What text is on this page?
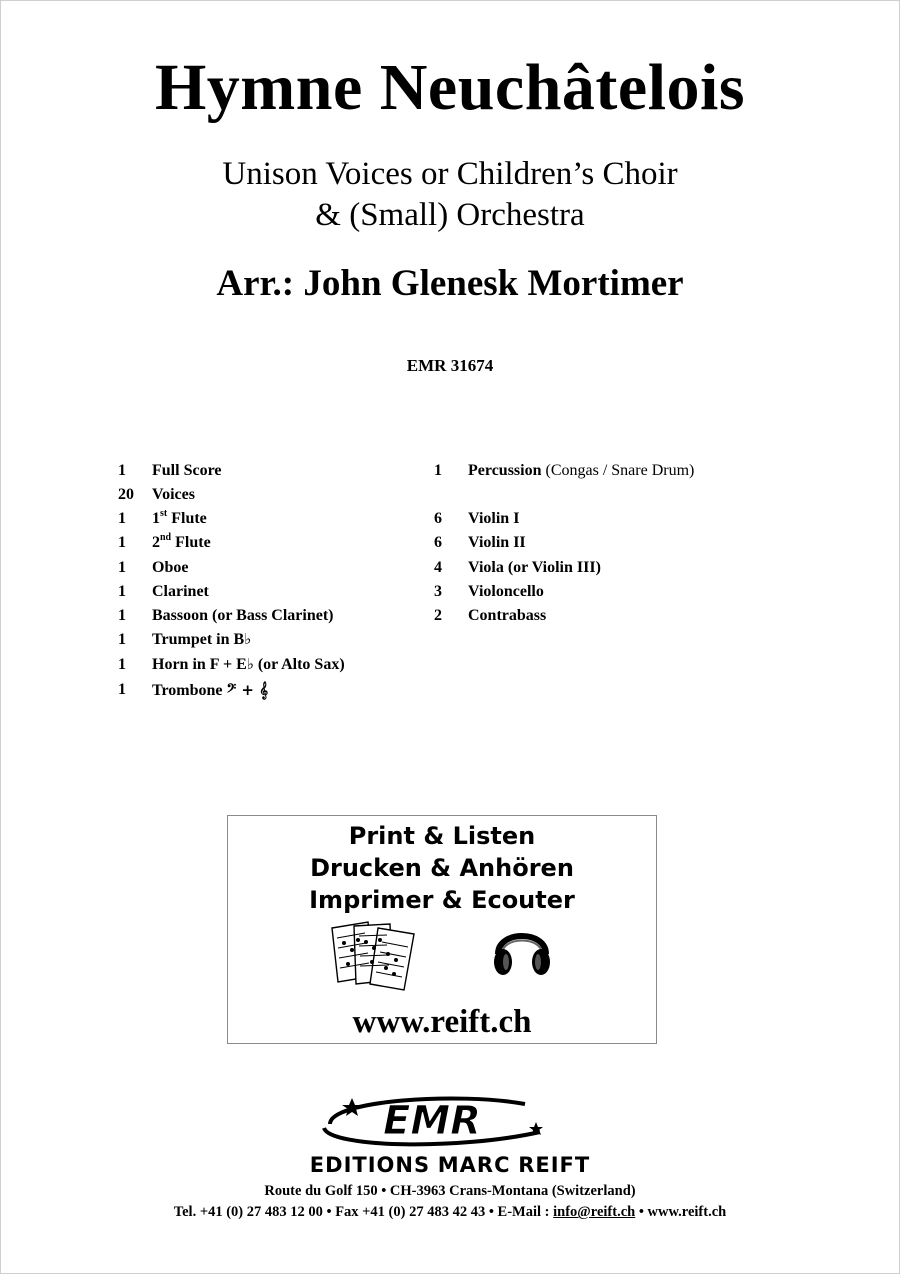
Hymne Neuchâtelois
Unison Voices or Children’s Choir
& (Small) Orchestra
Arr.: John Glenesk Mortimer
EMR 31674
1 Full Score
20 Voices
1 1st Flute
1 2nd Flute
1 Oboe
1 Clarinet
1 Bassoon (or Bass Clarinet)
1 Trumpet in B♭
1 Horn in F + E♭ (or Alto Sax)
1 Trombone 𝄢 + 𝄞
1 Percussion (Congas / Snare Drum)
6 Violin I
6 Violin II
4 Viola (or Violin III)
3 Violoncello
2 Contrabass
Print & Listen
Drucken & Anhören
Imprimer & Ecouter
www.reift.ch
EMR
EDITIONS MARC REIFT
Route du Golf 150 • CH-3963 Crans-Montana (Switzerland)
Tel. +41 (0) 27 483 12 00 • Fax +41 (0) 27 483 42 43 • E-Mail : info@reift.ch • www.reift.ch
